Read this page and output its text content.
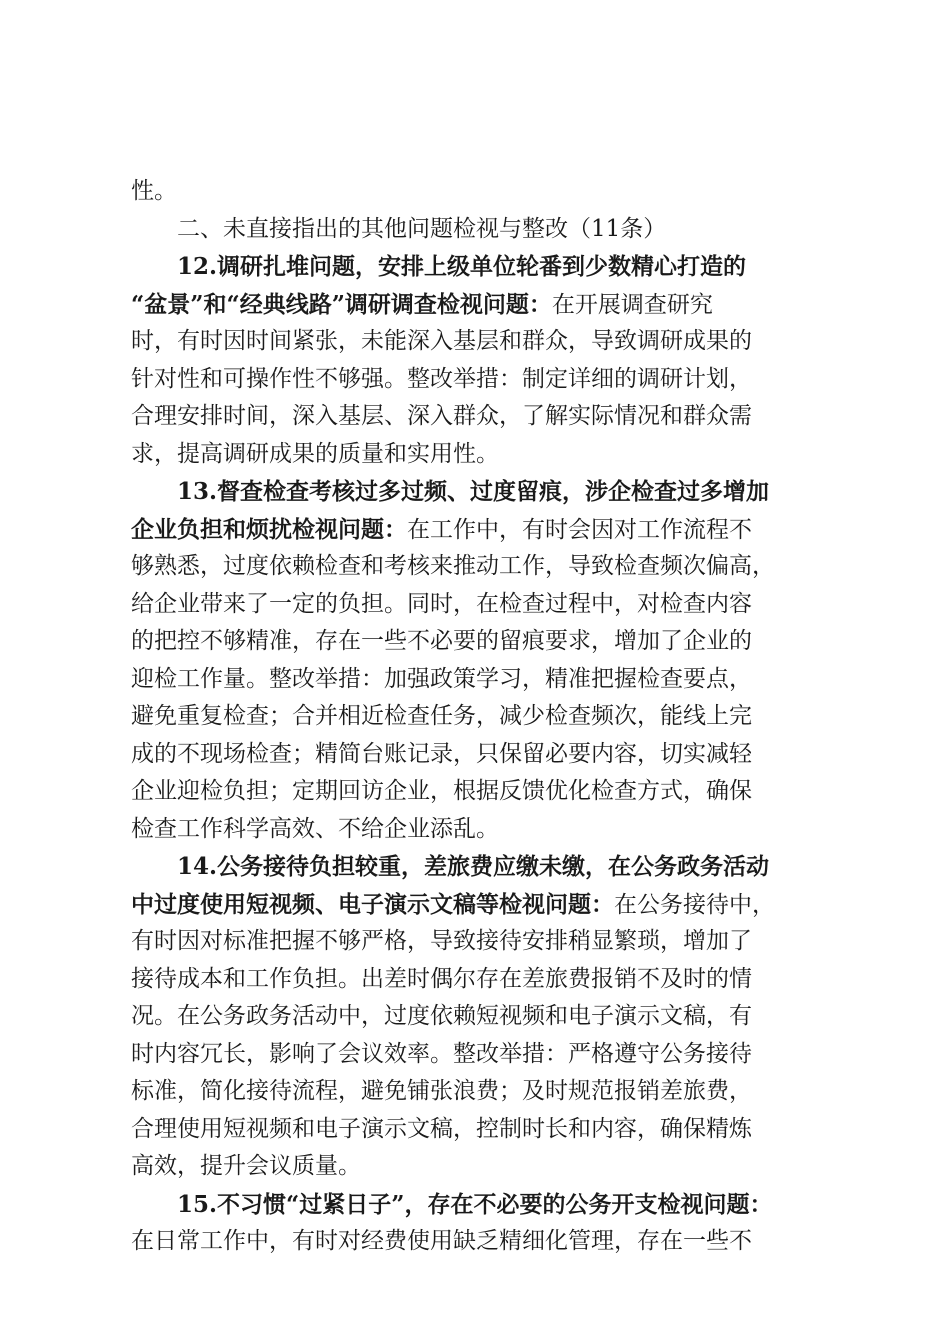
性。
二、未直接指出的其他问题检视与整改（11条）
12.调研扎堆问题，安排上级单位轮番到少数精心打造的
“盆景”和“经典线路”调研调查检视问题：在开展调查研究
时，有时因时间紧张，未能深入基层和群众，导致调研成果的
针对性和可操作性不够强。整改举措：制定详细的调研计划，
合理安排时间，深入基层、深入群众，了解实际情况和群众需
求，提高调研成果的质量和实用性。
13.督查检查考核过多过频、过度留痕，涉企检查过多增加
企业负担和烦扰检视问题：在工作中，有时会因对工作流程不
够熟悉，过度依赖检查和考核来推动工作，导致检查频次偏高，
给企业带来了一定的负担。同时，在检查过程中，对检查内容
的把控不够精准，存在一些不必要的留痕要求，增加了企业的
迎检工作量。整改举措：加强政策学习，精准把握检查要点，
避免重复检查；合并相近检查任务，减少检查频次，能线上完
成的不现场检查；精简台账记录，只保留必要内容，切实减轻
企业迎检负担；定期回访企业，根据反馈优化检查方式，确保
检查工作科学高效、不给企业添乱。
14.公务接待负担较重，差旅费应缴未缴，在公务政务活动
中过度使用短视频、电子演示文稿等检视问题：在公务接待中，
有时因对标准把握不够严格，导致接待安排稍显繁琐，增加了
接待成本和工作负担。出差时偶尔存在差旅费报销不及时的情
况。在公务政务活动中，过度依赖短视频和电子演示文稿，有
时内容冗长，影响了会议效率。整改举措：严格遵守公务接待
标准，简化接待流程，避免铺张浪费；及时规范报销差旅费，
合理使用短视频和电子演示文稿，控制时长和内容，确保精炼
高效，提升会议质量。
15.不习惯“过紧日子”，存在不必要的公务开支检视问题：
在日常工作中，有时对经费使用缺乏精细化管理，存在一些不
